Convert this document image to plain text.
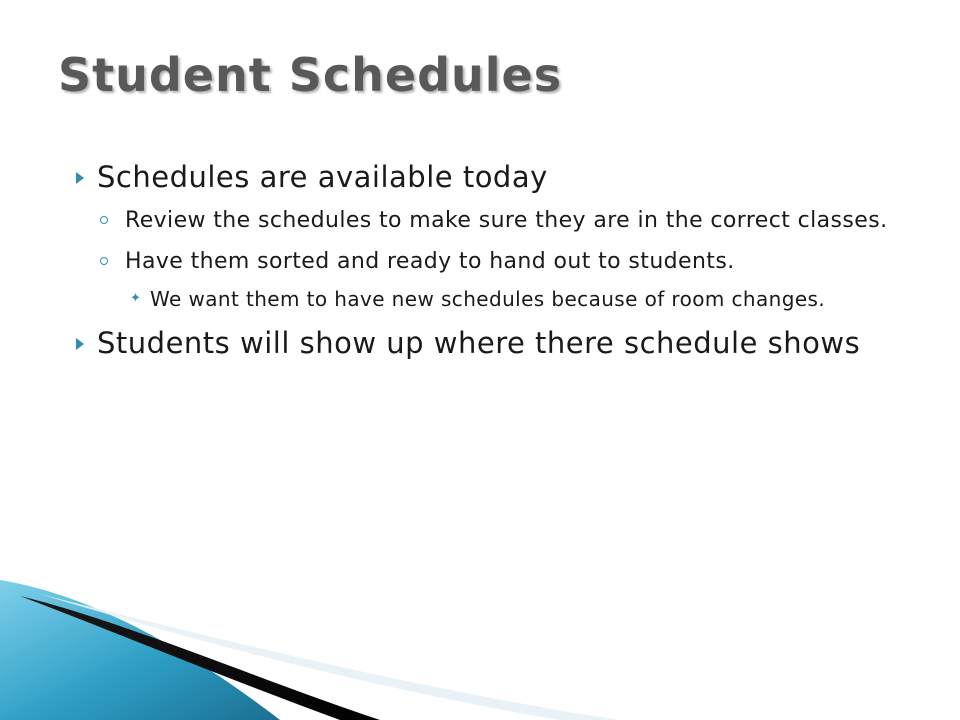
Student Schedules
Schedules are available today
Review the schedules to make sure they are in the correct classes.
Have them sorted and ready to hand out to students.
✦ We want them to have new schedules because of room changes.
Students will show up where there schedule shows
